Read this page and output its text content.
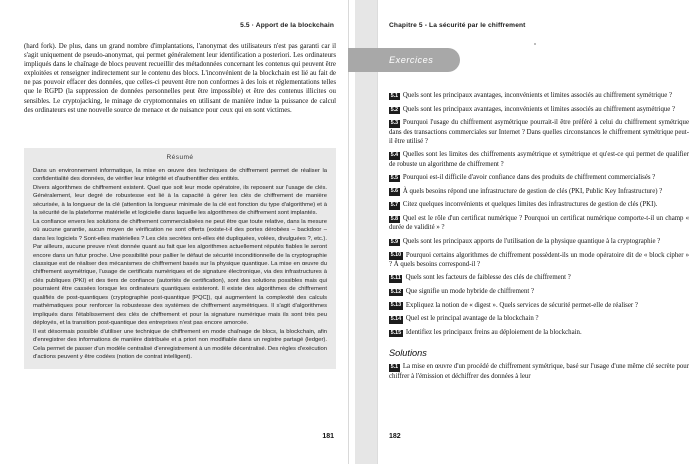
5.5 · Apport de la blockchain

(hard fork). De plus, dans un grand nombre d'implantations, l'anonymat des utilisateurs n'est pas garanti car il s'agit uniquement de pseudo-anonymat, qui permet généralement leur identification a posteriori. Les ordinateurs impliqués dans le chaînage de blocs peuvent recueillir des métadonnées concernant les contenus qui peuvent être exploitées et renseigner indirectement sur le contenu des blocs. L'inconvénient de la blockchain est lié au fait de ne pas pouvoir effacer des données, que celles-ci peuvent être non conformes à des lois et réglementations telles que le RGPD (la suppression de données personnelles peut être impossible) et être des contenus illicites ou sensibles. Le cryptojacking, le minage de cryptomonnaies en utilisant de manière indue la puissance de calcul des ordinateurs est une nouvelle source de menace et de nuisance pour ceux qui en sont victimes.

Résumé

Dans un environnement informatique, la mise en œuvre des techniques de chiffrement permet de réaliser la confidentialité des données, de vérifier leur intégrité et d'authentifier des entités.

Divers algorithmes de chiffrement existent. Quel que soit leur mode opératoire, ils reposent sur l'usage de clés. Généralement, leur degré de robustesse est lié à la capacité à gérer les clés de chiffrement de manière sécurisée, à la longueur de la clé (attention la longueur minimale de la clé est fonction du type d'algorithme) et à la sécurité de la plateforme matérielle et logicielle dans laquelle les algorithmes de chiffrement sont implantés.

La confiance envers les solutions de chiffrement commercialisées ne peut être que toute relative, dans la mesure où aucune garantie, aucun moyen de vérification ne sont offerts (existe-t-il des portes dérobées – backdoor – dans les logiciels ? Sont-elles matérielles ? Les clés secrètes ont-elles été dupliquées, volées, divulguées ?, etc.).

Par ailleurs, aucune preuve n'est donnée quant au fait que les algorithmes actuellement réputés fiables le seront encore dans un futur proche. Une possibilité pour pallier le défaut de sécurité inconditionnelle de la cryptographie classique est de réaliser des mécanismes de chiffrement basés sur la physique quantique. La mise en œuvre du chiffrement asymétrique, l'usage de certificats numériques et de signature électronique, via des infrastructures à clés publiques (PKI) et des tiers de confiance (autorités de certification), sont des solutions possibles mais qui pourraient être cassées lorsque les ordinateurs quantiques existeront. Il existe des algorithmes de chiffrement qualifiés de post-quantiques (cryptographie post-quantique [PQC]), qui augmentent la complexité des calculs mathématiques pour renforcer la robustesse des systèmes de chiffrement asymétriques. Il s'agit d'algorithmes impliqués dans l'établissement des clés de chiffrement et pour la signature numérique mais ils sont très peu déployés, et la transition post-quantique des entreprises n'est pas encore amorcée.

Il est désormais possible d'utiliser une technique de chiffrement en mode chaînage de blocs, la blockchain, afin d'enregistrer des informations de manière distribuée et a priori non modifiable dans un registre partagé (ledger). Cela permet de passer d'un modèle centralisé d'enregistrement à un modèle décentralisé. Des règles d'exécution d'actions peuvent y être codées (notion de contrat intelligent).

181
Chapitre 5 - La sécurité par le chiffrement
Exercices
5.1 Quels sont les principaux avantages, inconvénients et limites associés au chiffrement symétrique ?
5.2 Quels sont les principaux avantages, inconvénients et limites associés au chiffrement asymétrique ?
5.3 Pourquoi l'usage du chiffrement asymétrique pourrait-il être préféré à celui du chiffrement symétrique dans des transactions commerciales sur Internet ? Dans quelles circonstances le chiffrement symétrique peut-il être utilisé ?
5.4 Quelles sont les limites des chiffrements asymétrique et symétrique et qu'est-ce qui permet de qualifier de robuste un algorithme de chiffrement ?
5.5 Pourquoi est-il difficile d'avoir confiance dans des produits de chiffrement commercialisés ?
5.6 À quels besoins répond une infrastructure de gestion de clés (PKI, Public Key Infrastructure) ?
5.7 Citez quelques inconvénients et quelques limites des infrastructures de gestion de clés (PKI).
5.8 Quel est le rôle d'un certificat numérique ? Pourquoi un certificat numérique comporte-t-il un champ « durée de validité » ?
5.9 Quels sont les principaux apports de l'utilisation de la physique quantique à la cryptographie ?
5.10 Pourquoi certains algorithmes de chiffrement possèdent-ils un mode opératoire dit de « block cipher » ? À quels besoins correspond-il ?
5.11 Quels sont les facteurs de faiblesse des clés de chiffrement ?
5.12 Que signifie un mode hybride de chiffrement ?
5.13 Expliquez la notion de « digest ». Quels services de sécurité permet-elle de réaliser ?
5.14 Quel est le principal avantage de la blockchain ?
5.15 Identifiez les principaux freins au déploiement de la blockchain.
Solutions
5.1 La mise en œuvre d'un procédé de chiffrement symétrique, basé sur l'usage d'une même clé secrète pour chiffrer à l'émission et déchiffrer des données à leur
182
